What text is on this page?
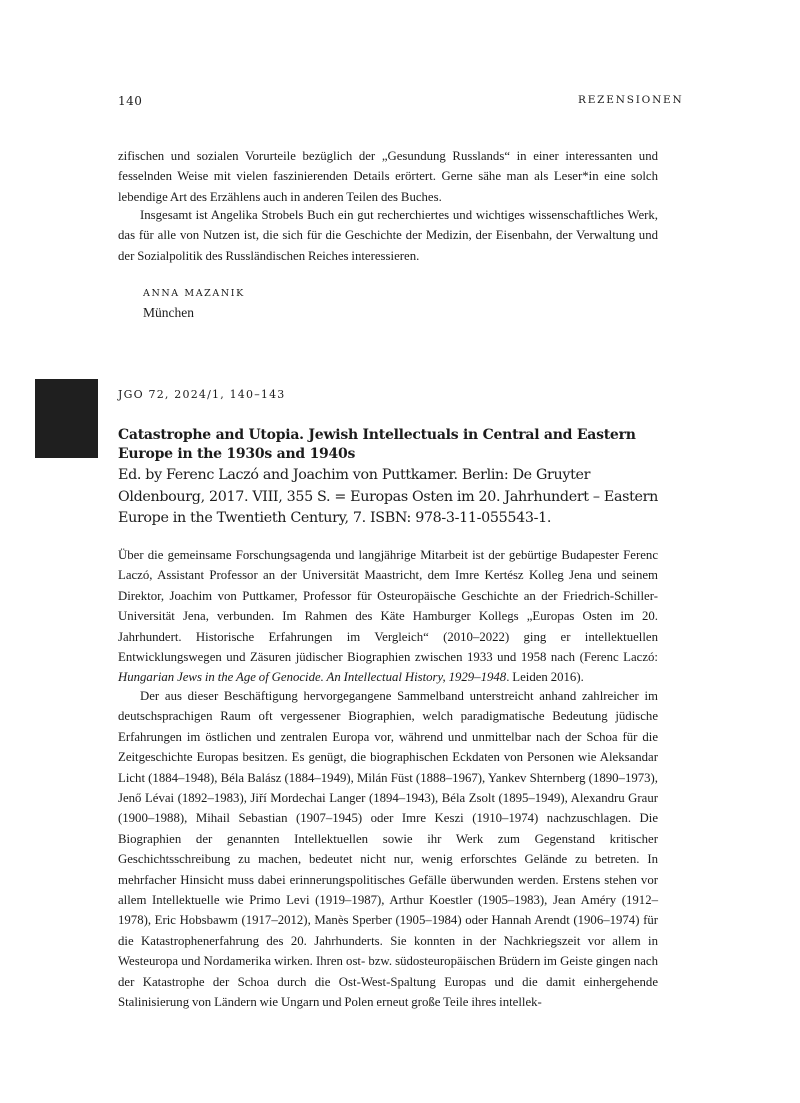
140	REZENSIONEN

zifischen und sozialen Vorurteile bezüglich der „Gesundung Russlands“ in einer interessanten und fesselnden Weise mit vielen faszinierenden Details erörtert. Gerne sähe man als Leser*in eine solch lebendige Art des Erzählens auch in anderen Teilen des Buches.

Insgesamt ist Angelika Strobels Buch ein gut recherchiertes und wichtiges wissenschaftliches Werk, das für alle von Nutzen ist, die sich für die Geschichte der Medizin, der Eisenbahn, der Verwaltung und der Sozialpolitik des Russländischen Reiches interessieren.

ANNA MAZANIK
München
JGO 72, 2024/1, 140–143

Catastrophe and Utopia. Jewish Intellectuals in Central and Eastern Europe in the 1930s and 1940s

Ed. by Ferenc Laczó and Joachim von Puttkamer. Berlin: De Gruyter Oldenbourg, 2017. VIII, 355 S. = Europas Osten im 20. Jahrhundert – Eastern Europe in the Twentieth Century, 7. ISBN: 978-3-11-055543-1.

Über die gemeinsame Forschungsagenda und langjährige Mitarbeit ist der gebürtige Budapester Ferenc Laczó, Assistant Professor an der Universität Maastricht, dem Imre Kertész Kolleg Jena und seinem Direktor, Joachim von Puttkamer, Professor für Osteuropäische Geschichte an der Friedrich-Schiller-Universität Jena, verbunden. Im Rahmen des Käte Hamburger Kollegs „Europas Osten im 20. Jahrhundert. Historische Erfahrungen im Vergleich“ (2010–2022) ging er intellektuellen Entwicklungswegen und Zäsuren jüdischer Biographien zwischen 1933 und 1958 nach (Ferenc Laczó: Hungarian Jews in the Age of Genocide. An Intellectual History, 1929–1948. Leiden 2016).

Der aus dieser Beschäftigung hervorgegangene Sammelband unterstreicht anhand zahlreicher im deutschsprachigen Raum oft vergessener Biographien, welch paradigmatische Bedeutung jüdische Erfahrungen im östlichen und zentralen Europa vor, während und unmittelbar nach der Schoa für die Zeitgeschichte Europas besitzen. Es genügt, die biographischen Eckdaten von Personen wie Aleksandar Licht (1884–1948), Béla Balász (1884–1949), Milán Füst (1888–1967), Yankev Shternberg (1890–1973), Jenő Lévai (1892–1983), Jiří Mordechai Langer (1894–1943), Béla Zsolt (1895–1949), Alexandru Graur (1900–1988), Mihail Sebastian (1907–1945) oder Imre Keszi (1910–1974) nachzuschlagen. Die Biographien der genannten Intellektuellen sowie ihr Werk zum Gegenstand kritischer Geschichtsschreibung zu machen, bedeutet nicht nur, wenig erforschtes Gelände zu betreten. In mehrfacher Hinsicht muss dabei erinnerungspolitisches Gefälle überwunden werden. Erstens stehen vor allem Intellektuelle wie Primo Levi (1919–1987), Arthur Koestler (1905–1983), Jean Améry (1912–1978), Eric Hobsbawm (1917–2012), Manès Sperber (1905–1984) oder Hannah Arendt (1906–1974) für die Katastrophenerfahrung des 20. Jahrhunderts. Sie konnten in der Nachkriegszeit vor allem in Westeuropa und Nordamerika wirken. Ihren ost- bzw. südosteuropäischen Brüdern im Geiste gingen nach der Katastrophe der Schoa durch die Ost-West-Spaltung Europas und die damit einhergehende Stalinisierung von Ländern wie Ungarn und Polen erneut große Teile ihres intellek-
